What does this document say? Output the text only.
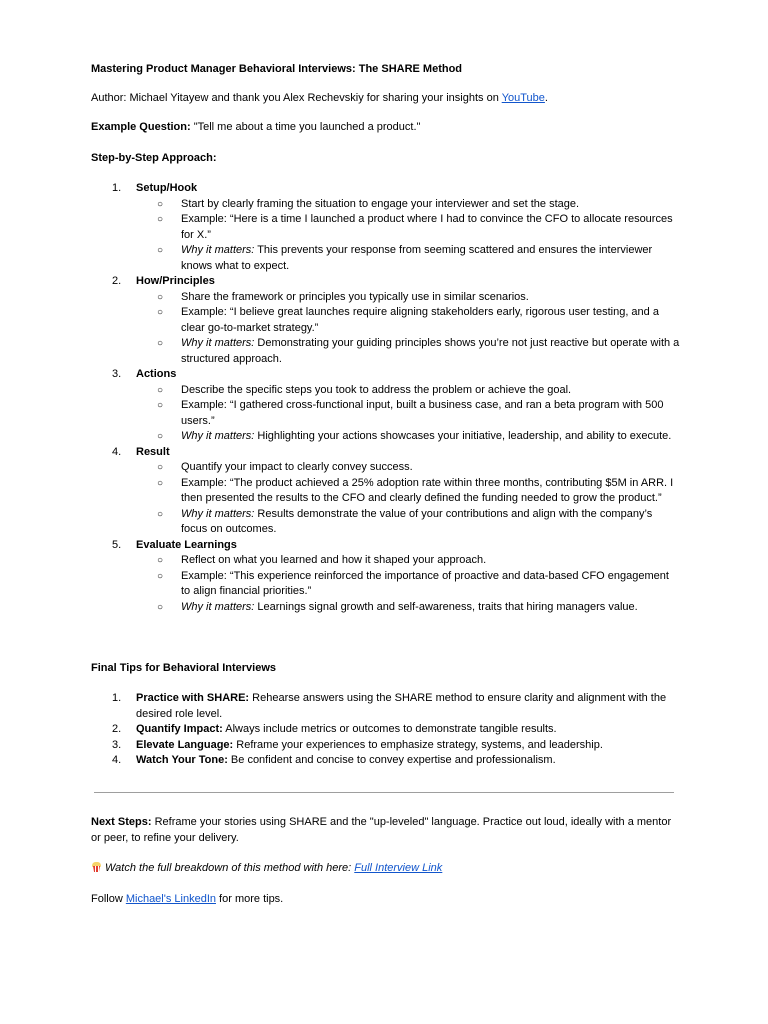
Mastering Product Manager Behavioral Interviews: The SHARE Method
Author: Michael Yitayew and thank you Alex Rechevskiy for sharing your insights on YouTube.
Example Question: "Tell me about a time you launched a product."
Step-by-Step Approach:
1. Setup/Hook
○ Start by clearly framing the situation to engage your interviewer and set the stage.
○ Example: “Here is a time I launched a product where I had to convince the CFO to allocate resources for X.”
○ Why it matters: This prevents your response from seeming scattered and ensures the interviewer knows what to expect.
2. How/Principles
○ Share the framework or principles you typically use in similar scenarios.
○ Example: “I believe great launches require aligning stakeholders early, rigorous user testing, and a clear go-to-market strategy.”
○ Why it matters: Demonstrating your guiding principles shows you’re not just reactive but operate with a structured approach.
3. Actions
○ Describe the specific steps you took to address the problem or achieve the goal.
○ Example: “I gathered cross-functional input, built a business case, and ran a beta program with 500 users.”
○ Why it matters: Highlighting your actions showcases your initiative, leadership, and ability to execute.
4. Result
○ Quantify your impact to clearly convey success.
○ Example: “The product achieved a 25% adoption rate within three months, contributing $5M in ARR. I then presented the results to the CFO and clearly defined the funding needed to grow the product.”
○ Why it matters: Results demonstrate the value of your contributions and align with the company’s focus on outcomes.
5. Evaluate Learnings
○ Reflect on what you learned and how it shaped your approach.
○ Example: “This experience reinforced the importance of proactive and data-based CFO engagement to align financial priorities.”
○ Why it matters: Learnings signal growth and self-awareness, traits that hiring managers value.
Final Tips for Behavioral Interviews
1. Practice with SHARE: Rehearse answers using the SHARE method to ensure clarity and alignment with the desired role level.
2. Quantify Impact: Always include metrics or outcomes to demonstrate tangible results.
3. Elevate Language: Reframe your experiences to emphasize strategy, systems, and leadership.
4. Watch Your Tone: Be confident and concise to convey expertise and professionalism.
Next Steps: Reframe your stories using SHARE and the "up-leveled" language. Practice out loud, ideally with a mentor or peer, to refine your delivery.
Watch the full breakdown of this method with here: Full Interview Link
Follow Michael's LinkedIn for more tips.
